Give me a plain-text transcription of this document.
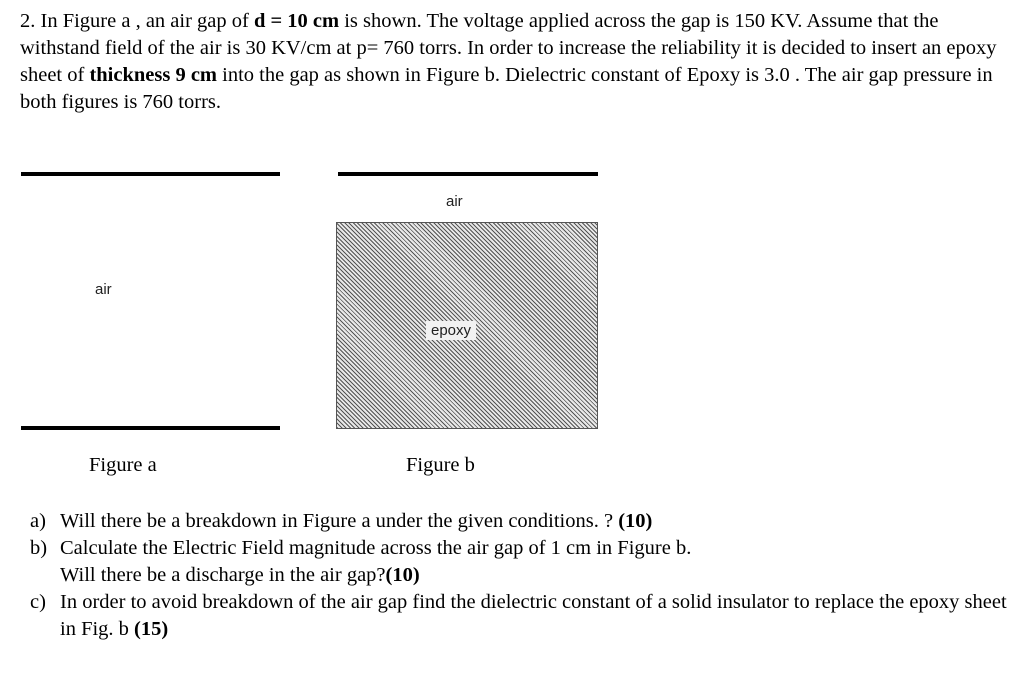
2. In Figure a , an air gap of d = 10 cm is shown. The voltage applied across the gap is 150 KV. Assume that the withstand field of the air is 30 KV/cm at p= 760 torrs. In order to increase the reliability it is decided to insert an epoxy sheet of thickness 9 cm into the gap as shown in Figure b. Dielectric constant of Epoxy is 3.0 . The air gap pressure in both figures is 760 torrs.

air
Figure a
air
epoxy
Figure b
a) Will there be a breakdown in Figure a under the given conditions. ? (10)
b) Calculate the Electric Field magnitude across the air gap of 1 cm in Figure b.
Will there be a discharge in the air gap?(10)
c) In order to avoid breakdown of the air gap find the dielectric constant of a solid insulator to replace the epoxy sheet in Fig. b (15)
